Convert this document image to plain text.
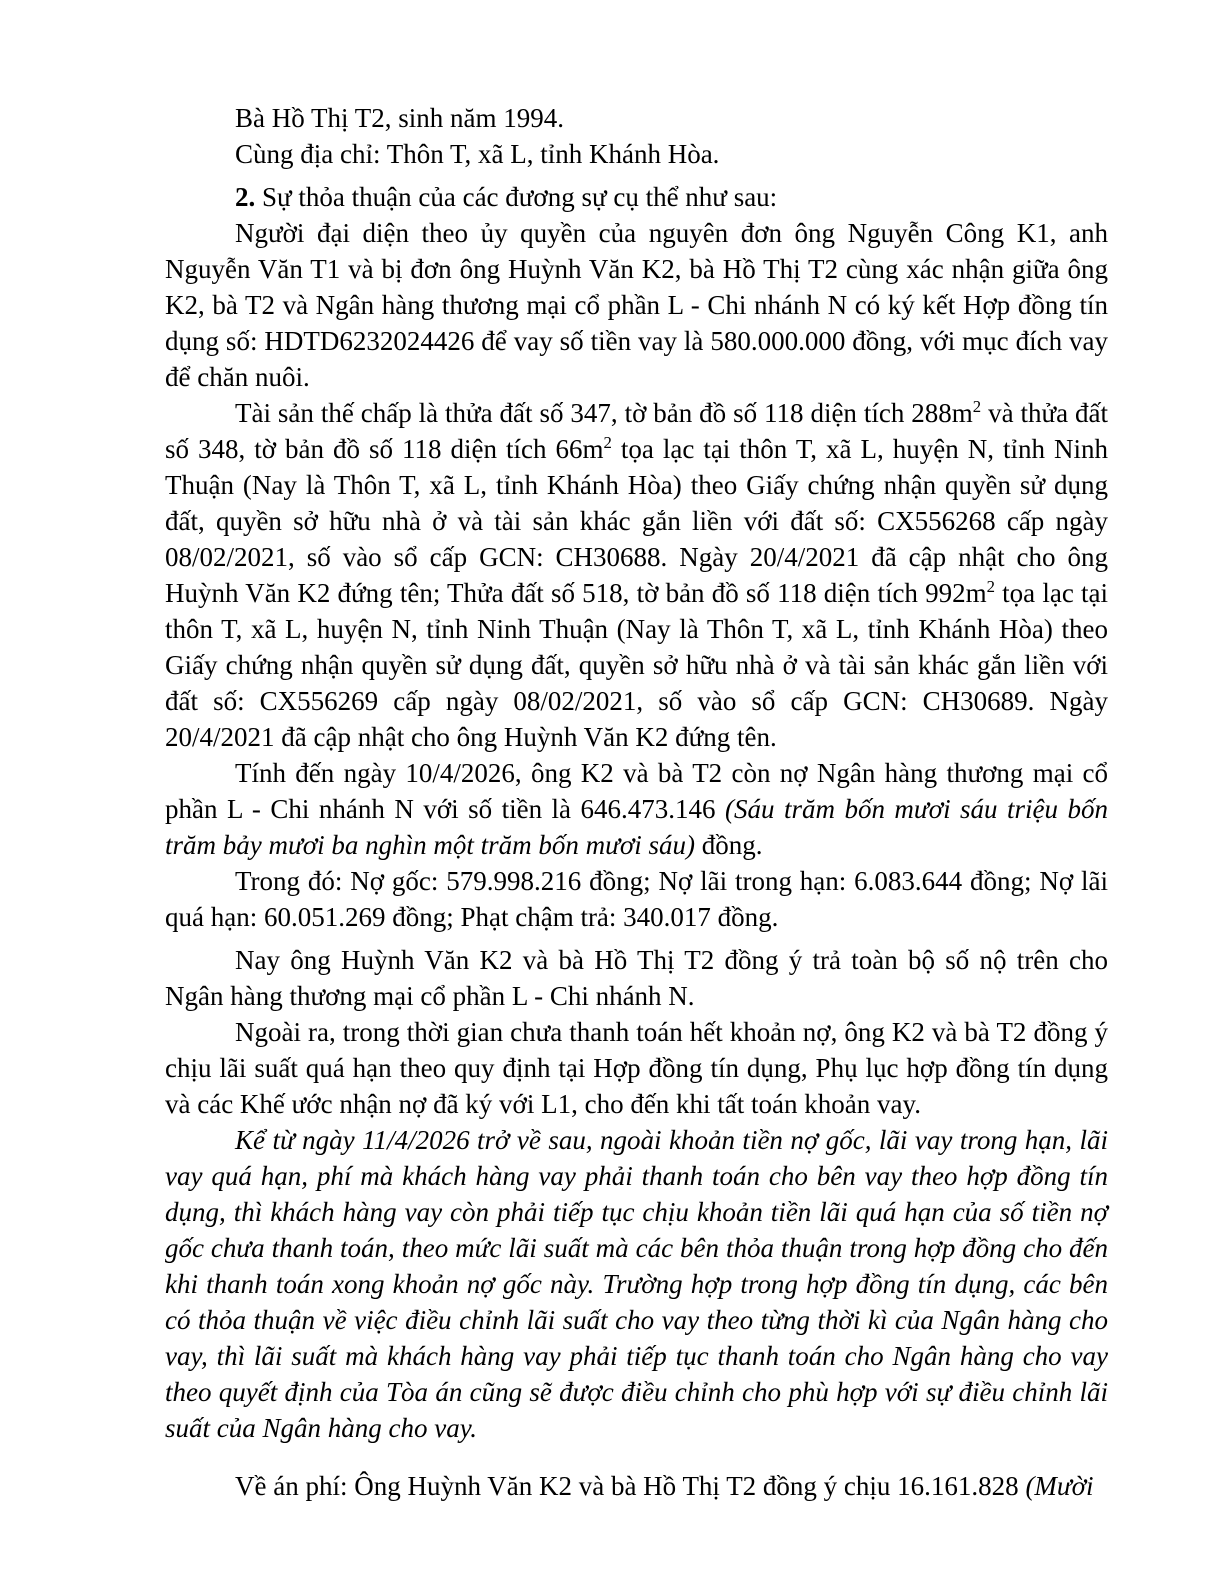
Bà Hồ Thị T2, sinh năm 1994.

Cùng địa chỉ: Thôn T, xã L, tỉnh Khánh Hòa.

2. Sự thỏa thuận của các đương sự cụ thể như sau:

Người đại diện theo ủy quyền của nguyên đơn ông Nguyễn Công K1, anh Nguyễn Văn T1 và bị đơn ông Huỳnh Văn K2, bà Hồ Thị T2 cùng xác nhận giữa ông K2, bà T2 và Ngân hàng thương mại cổ phần L - Chi nhánh N có ký kết Hợp đồng tín dụng số: HDTD6232024426 để vay số tiền vay là 580.000.000 đồng, với mục đích vay để chăn nuôi.

Tài sản thế chấp là thửa đất số 347, tờ bản đồ số 118 diện tích $288m^2$ và thửa đất số 348, tờ bản đồ số 118 diện tích $66m^2$ tọa lạc tại thôn T, xã L, huyện N, tỉnh Ninh Thuận (Nay là Thôn T, xã L, tỉnh Khánh Hòa) theo Giấy chứng nhận quyền sử dụng đất, quyền sở hữu nhà ở và tài sản khác gắn liền với đất số: CX556268 cấp ngày 08/02/2021, số vào sổ cấp GCN: CH30688. Ngày 20/4/2021 đã cập nhật cho ông Huỳnh Văn K2 đứng tên; Thửa đất số 518, tờ bản đồ số 118 diện tích $992m^2$ tọa lạc tại thôn T, xã L, huyện N, tỉnh Ninh Thuận (Nay là Thôn T, xã L, tỉnh Khánh Hòa) theo Giấy chứng nhận quyền sử dụng đất, quyền sở hữu nhà ở và tài sản khác gắn liền với đất số: CX556269 cấp ngày 08/02/2021, số vào sổ cấp GCN: CH30689. Ngày 20/4/2021 đã cập nhật cho ông Huỳnh Văn K2 đứng tên.

Tính đến ngày 10/4/2026, ông K2 và bà T2 còn nợ Ngân hàng thương mại cổ phần L - Chi nhánh N với số tiền là 646.473.146 (Sáu trăm bốn mươi sáu triệu bốn trăm bảy mươi ba nghìn một trăm bốn mươi sáu) đồng.

Trong đó: Nợ gốc: 579.998.216 đồng; Nợ lãi trong hạn: 6.083.644 đồng; Nợ lãi quá hạn: 60.051.269 đồng; Phạt chậm trả: 340.017 đồng.

Nay ông Huỳnh Văn K2 và bà Hồ Thị T2 đồng ý trả toàn bộ số nộ trên cho Ngân hàng thương mại cổ phần L - Chi nhánh N.

Ngoài ra, trong thời gian chưa thanh toán hết khoản nợ, ông K2 và bà T2 đồng ý chịu lãi suất quá hạn theo quy định tại Hợp đồng tín dụng, Phụ lục hợp đồng tín dụng và các Khế ước nhận nợ đã ký với L1, cho đến khi tất toán khoản vay.

Kể từ ngày 11/4/2026 trở về sau, ngoài khoản tiền nợ gốc, lãi vay trong hạn, lãi vay quá hạn, phí mà khách hàng vay phải thanh toán cho bên vay theo hợp đồng tín dụng, thì khách hàng vay còn phải tiếp tục chịu khoản tiền lãi quá hạn của số tiền nợ gốc chưa thanh toán, theo mức lãi suất mà các bên thỏa thuận trong hợp đồng cho đến khi thanh toán xong khoản nợ gốc này. Trường hợp trong hợp đồng tín dụng, các bên có thỏa thuận về việc điều chỉnh lãi suất cho vay theo từng thời kì của Ngân hàng cho vay, thì lãi suất mà khách hàng vay phải tiếp tục thanh toán cho Ngân hàng cho vay theo quyết định của Tòa án cũng sẽ được điều chỉnh cho phù hợp với sự điều chỉnh lãi suất của Ngân hàng cho vay.

Về án phí: Ông Huỳnh Văn K2 và bà Hồ Thị T2 đồng ý chịu 16.161.828 (Mười
